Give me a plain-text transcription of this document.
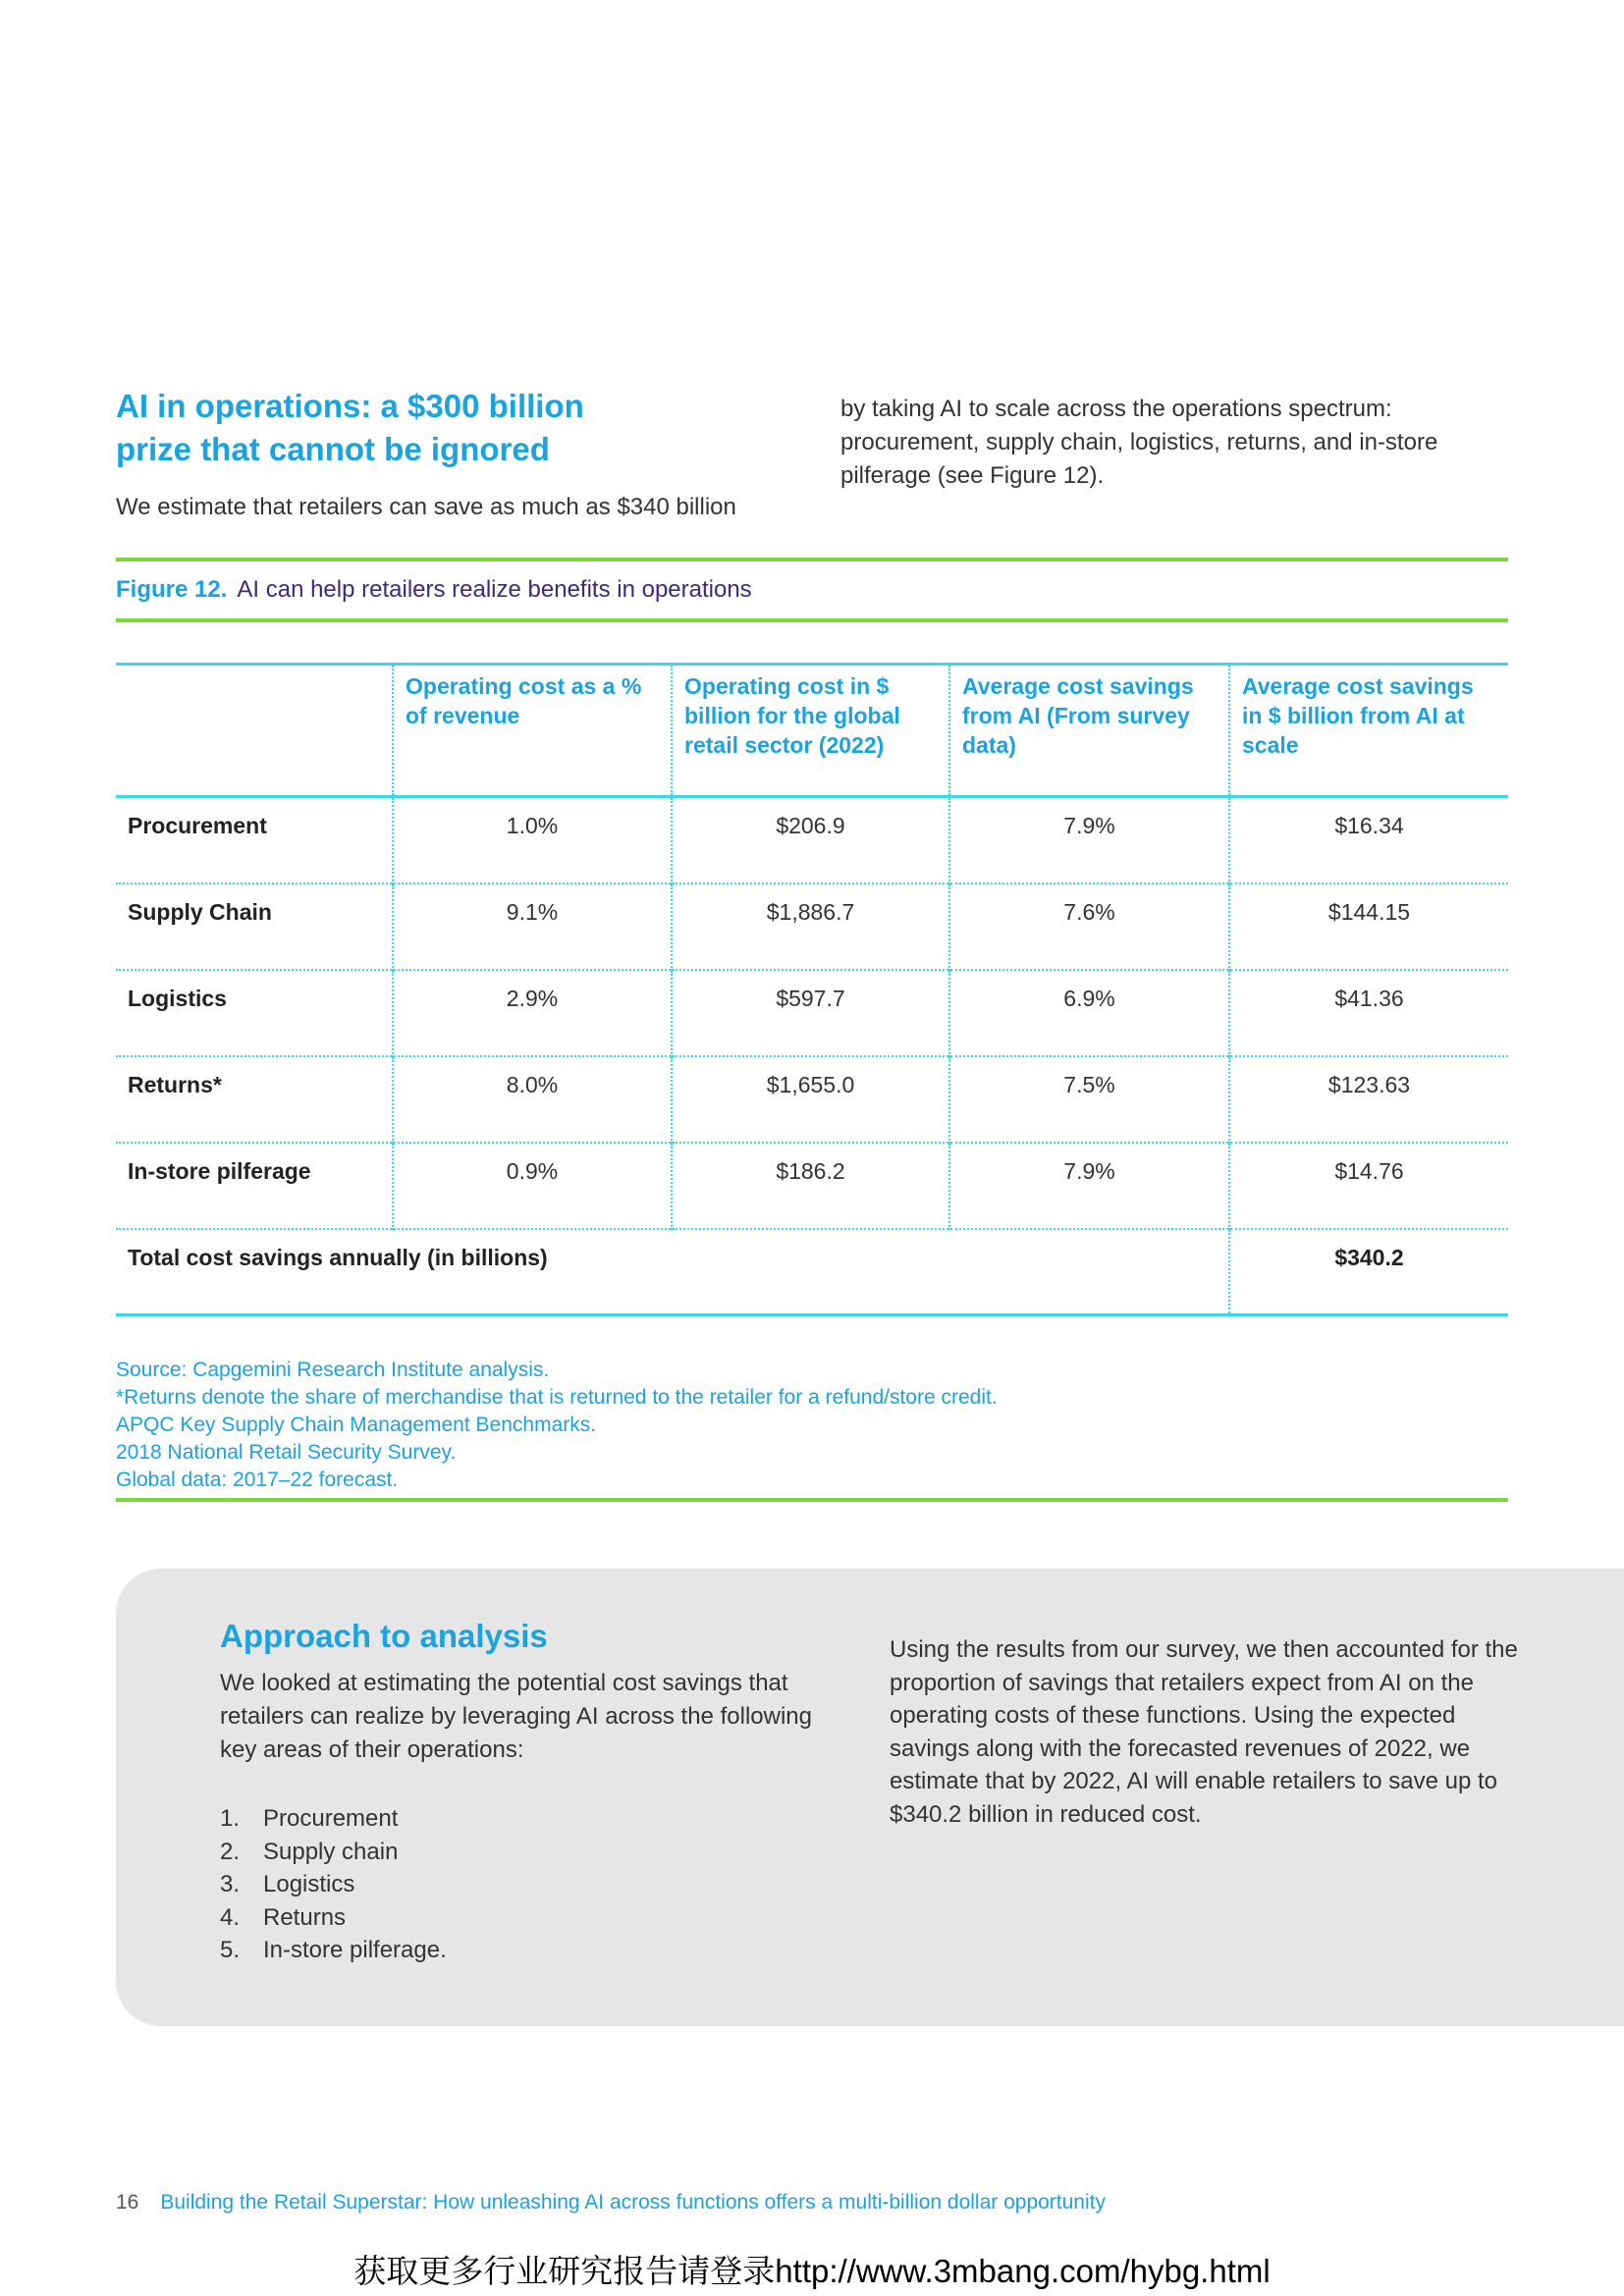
AI in operations: a $300 billion
prize that cannot be ignored

We estimate that retailers can save as much as $340 billion

by taking AI to scale across the operations spectrum: procurement, supply chain, logistics, returns, and in-store pilferage (see Figure 12).

Figure 12. AI can help retailers realize benefits in operations
	Operating cost as a % of revenue	Operating cost in $ billion for the global retail sector (2022)	Average cost savings from AI (From survey data)	Average cost savings in $ billion from AI at scale
Procurement	1.0%	$206.9	7.9%	$16.34
Supply Chain	9.1%	$1,886.7	7.6%	$144.15
Logistics	2.9%	$597.7	6.9%	$41.36
Returns*	8.0%	$1,655.0	7.5%	$123.63
In-store pilferage	0.9%	$186.2	7.9%	$14.76
Total cost savings annually (in billions)				$340.2
Source: Capgemini Research Institute analysis.
*Returns denote the share of merchandise that is returned to the retailer for a refund/store credit.
APQC Key Supply Chain Management Benchmarks.
2018 National Retail Security Survey.
Global data: 2017–22 forecast.
Approach to analysis

We looked at estimating the potential cost savings that retailers can realize by leveraging AI across the following key areas of their operations:

1. Procurement
2. Supply chain
3. Logistics
4. Returns
5. In-store pilferage.

Using the results from our survey, we then accounted for the proportion of savings that retailers expect from AI on the operating costs of these functions. Using the expected savings along with the forecasted revenues of 2022, we estimate that by 2022, AI will enable retailers to save up to $340.2 billion in reduced cost.

16 Building the Retail Superstar: How unleashing AI across functions offers a multi-billion dollar opportunity
获取更多行业研究报告请登录http://www.3mbang.com/hybg.html
